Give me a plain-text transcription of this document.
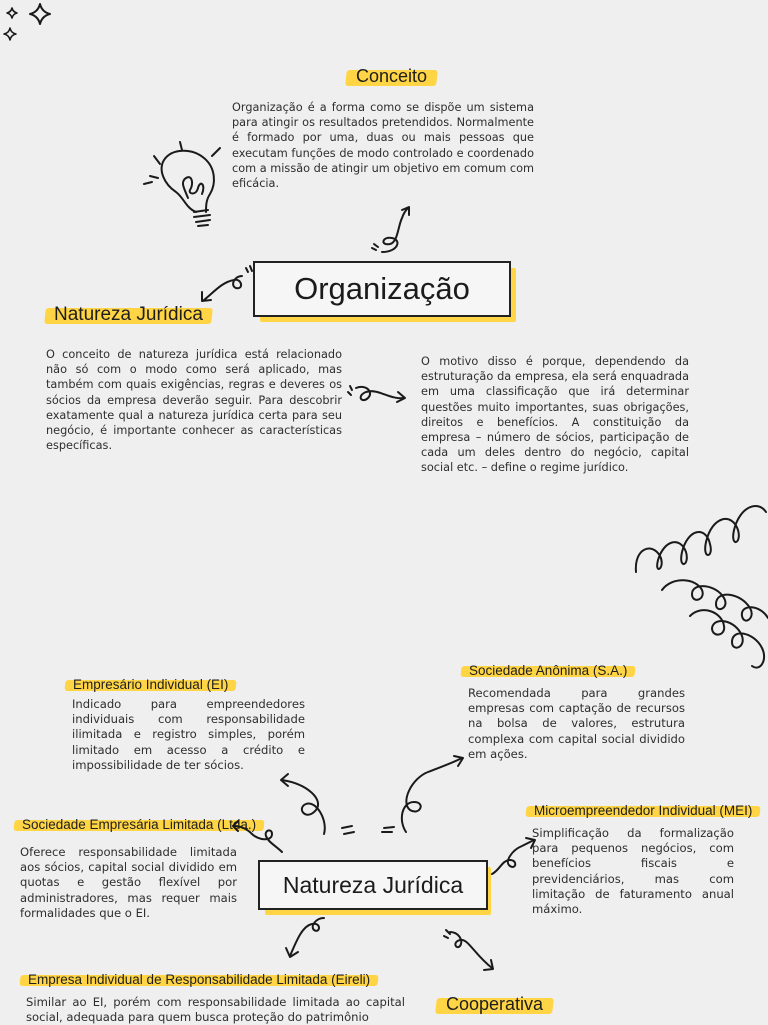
Conceito
Organização é a forma como se dispõe um sistema para atingir os resultados pretendidos. Normalmente é formado por uma, duas ou mais pessoas que executam funções de modo controlado e coordenado com a missão de atingir um objetivo em comum com eficácia.
Organização
Natureza Jurídica
O conceito de natureza jurídica está relacionado não só com o modo como será aplicado, mas também com quais exigências, regras e deveres os sócios da empresa deverão seguir. Para descobrir exatamente qual a natureza jurídica certa para seu negócio, é importante conhecer as características específicas.
O motivo disso é porque, dependendo da estruturação da empresa, ela será enquadrada em uma classificação que irá determinar questões muito importantes, suas obrigações, direitos e benefícios. A constituição da empresa – número de sócios, participação de cada um deles dentro do negócio, capital social etc. – define o regime jurídico.
Empresário Individual (EI)
Indicado para empreendedores individuais com responsabilidade ilimitada e registro simples, porém limitado em acesso a crédito e impossibilidade de ter sócios.
Sociedade Anônima (S.A.)
Recomendada para grandes empresas com captação de recursos na bolsa de valores, estrutura complexa com capital social dividido em ações.
Sociedade Empresária Limitada (Ltda.)
Oferece responsabilidade limitada aos sócios, capital social dividido em quotas e gestão flexível por administradores, mas requer mais formalidades que o EI.
Microempreendedor Individual (MEI)
Simplificação da formalização para pequenos negócios, com benefícios fiscais e previdenciários, mas com limitação de faturamento anual máximo.
Natureza Jurídica
Empresa Individual de Responsabilidade Limitada (Eireli)
Similar ao EI, porém com responsabilidade limitada ao capital social, adequada para quem busca proteção do patrimônio
Cooperativa
